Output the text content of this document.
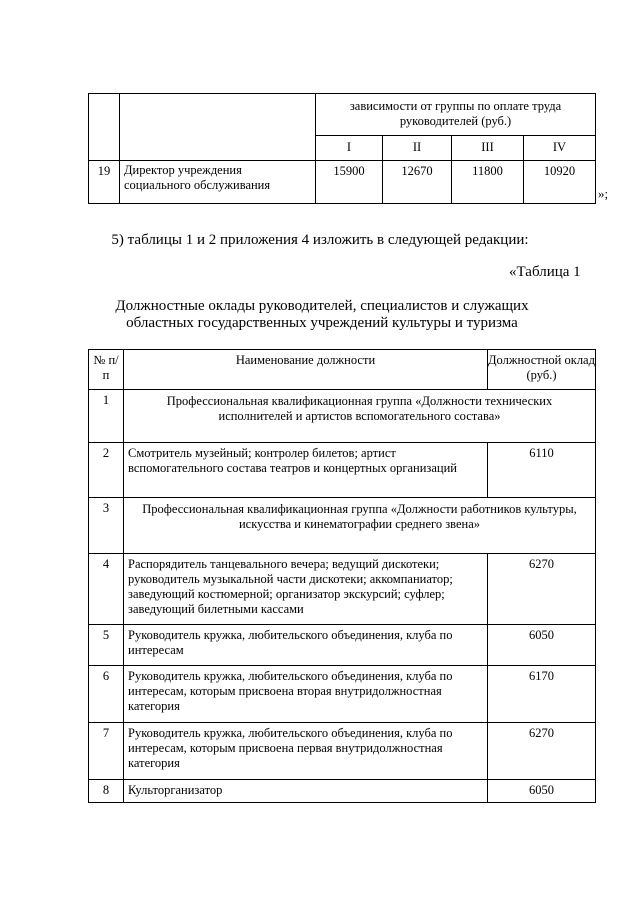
		зависимости от группы по оплате труда руководителей (руб.)			
		I	II	III	IV
19	Директор учреждения социального обслуживания	15900	12670	11800	10920
»;
5) таблицы 1 и 2 приложения 4 изложить в следующей редакции:
«Таблица 1
Должностные оклады руководителей, специалистов и служащих областных государственных учреждений культуры и туризма
№ п/п	Наименование должности	Должностной оклад (руб.)
1	Профессиональная квалификационная группа «Должности технических исполнителей и артистов вспомогательного состава»	
2	Смотритель музейный; контролер билетов; артист вспомогательного состава театров и концертных организаций	6110
3	Профессиональная квалификационная группа «Должности работников культуры, искусства и кинематографии среднего звена»	
4	Распорядитель танцевального вечера; ведущий дискотеки; руководитель музыкальной части дискотеки; аккомпаниатор; заведующий костюмерной; организатор экскурсий; суфлер; заведующий билетными кассами	6270
5	Руководитель кружка, любительского объединения, клуба по интересам	6050
6	Руководитель кружка, любительского объединения, клуба по интересам, которым присвоена вторая внутридолжностная категория	6170
7	Руководитель кружка, любительского объединения, клуба по интересам, которым присвоена первая внутридолжностная категория	6270
8	Культорганизатор	6050
